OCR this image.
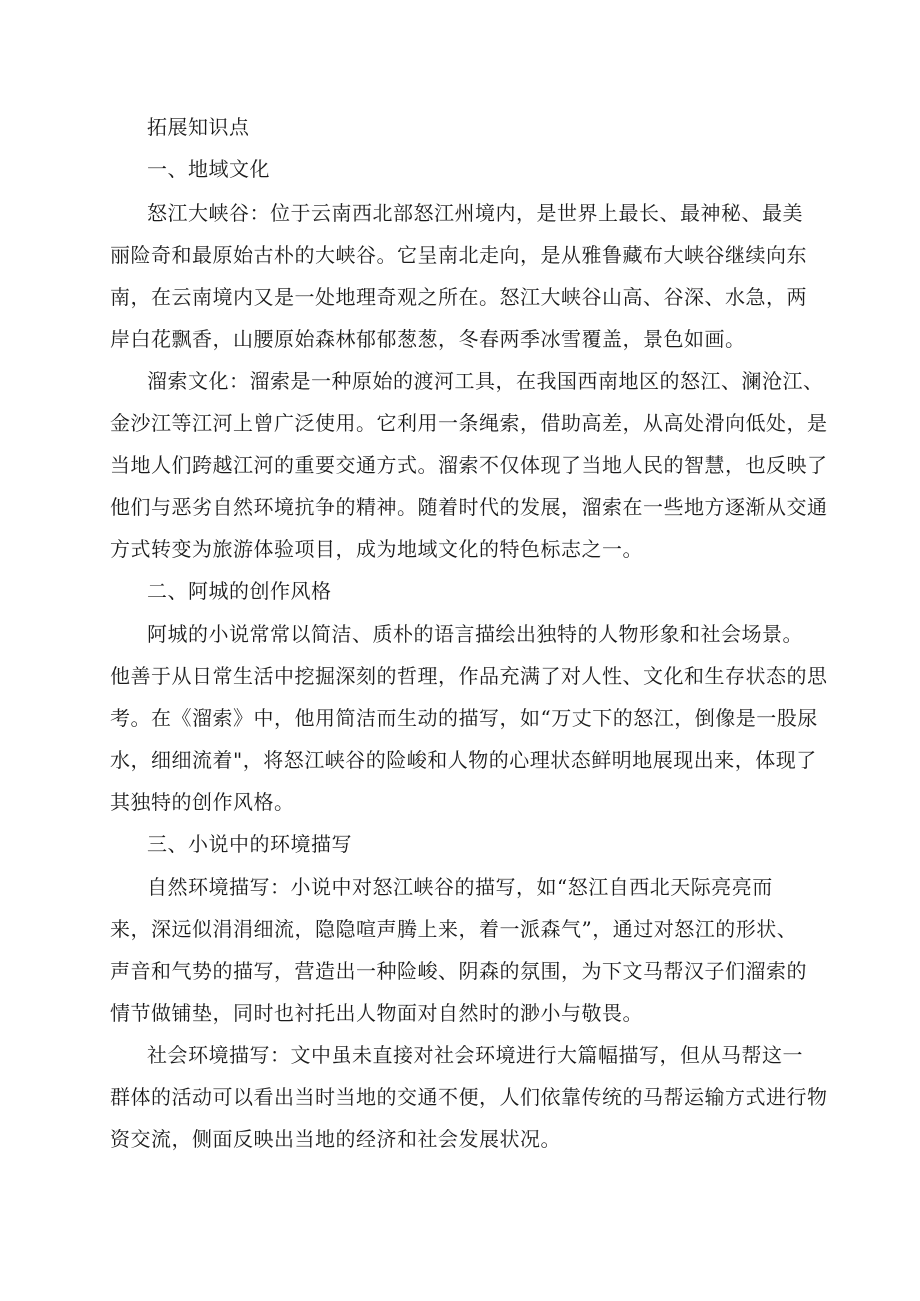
拓展知识点
一、地域文化
怒江大峡谷：位于云南西北部怒江州境内，是世界上最长、最神秘、最美
丽险奇和最原始古朴的大峡谷。它呈南北走向，是从雅鲁藏布大峡谷继续向东
南，在云南境内又是一处地理奇观之所在。怒江大峡谷山高、谷深、水急，两
岸白花飘香，山腰原始森林郁郁葱葱，冬春两季冰雪覆盖，景色如画。
溜索文化：溜索是一种原始的渡河工具，在我国西南地区的怒江、澜沧江、
金沙江等江河上曾广泛使用。它利用一条绳索，借助高差，从高处滑向低处，是
当地人们跨越江河的重要交通方式。溜索不仅体现了当地人民的智慧，也反映了
他们与恶劣自然环境抗争的精神。随着时代的发展，溜索在一些地方逐渐从交通
方式转变为旅游体验项目，成为地域文化的特色标志之一。
二、阿城的创作风格
阿城的小说常常以简洁、质朴的语言描绘出独特的人物形象和社会场景。
他善于从日常生活中挖掘深刻的哲理，作品充满了对人性、文化和生存状态的思
考。在《溜索》中，他用简洁而生动的描写，如“万丈下的怒江，倒像是一股尿
水，细细流着"，将怒江峡谷的险峻和人物的心理状态鲜明地展现出来，体现了
其独特的创作风格。
三、小说中的环境描写
自然环境描写：小说中对怒江峡谷的描写，如“怒江自西北天际亮亮而
来，深远似涓涓细流，隐隐喧声腾上来，着一派森气”，通过对怒江的形状、
声音和气势的描写，营造出一种险峻、阴森的氛围，为下文马帮汉子们溜索的
情节做铺垫，同时也衬托出人物面对自然时的渺小与敬畏。
社会环境描写：文中虽未直接对社会环境进行大篇幅描写，但从马帮这一
群体的活动可以看出当时当地的交通不便，人们依靠传统的马帮运输方式进行物
资交流，侧面反映出当地的经济和社会发展状况。
